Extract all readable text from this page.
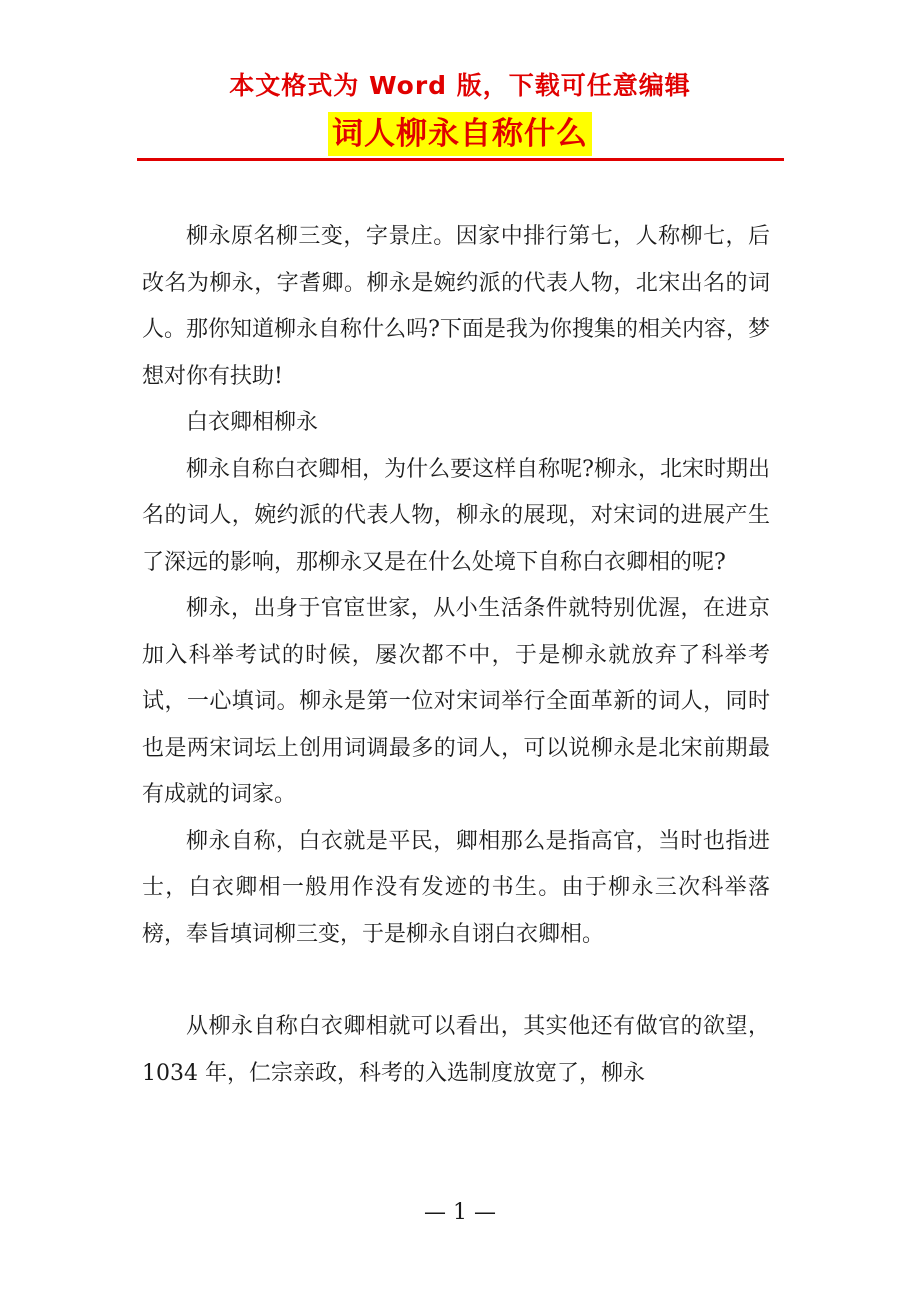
本文格式为 Word 版，下载可任意编辑
词人柳永自称什么

柳永原名柳三变，字景庄。因家中排行第七，人称柳七，后改名为柳永，字耆卿。柳永是婉约派的代表人物，北宋出名的词人。那你知道柳永自称什么吗?下面是我为你搜集的相关内容，梦想对你有扶助!

白衣卿相柳永

柳永自称白衣卿相，为什么要这样自称呢?柳永，北宋时期出名的词人，婉约派的代表人物，柳永的展现，对宋词的进展产生了深远的影响，那柳永又是在什么处境下自称白衣卿相的呢?

柳永，出身于官宦世家，从小生活条件就特别优渥，在进京加入科举考试的时候，屡次都不中，于是柳永就放弃了科举考试，一心填词。柳永是第一位对宋词举行全面革新的词人，同时也是两宋词坛上创用词调最多的词人，可以说柳永是北宋前期最有成就的词家。

柳永自称，白衣就是平民，卿相那么是指高官，当时也指进士，白衣卿相一般用作没有发迹的书生。由于柳永三次科举落榜，奉旨填词柳三变，于是柳永自诩白衣卿相。

从柳永自称白衣卿相就可以看出，其实他还有做官的欲望，1034 年，仁宗亲政，科考的入选制度放宽了，柳永

— 1 —
